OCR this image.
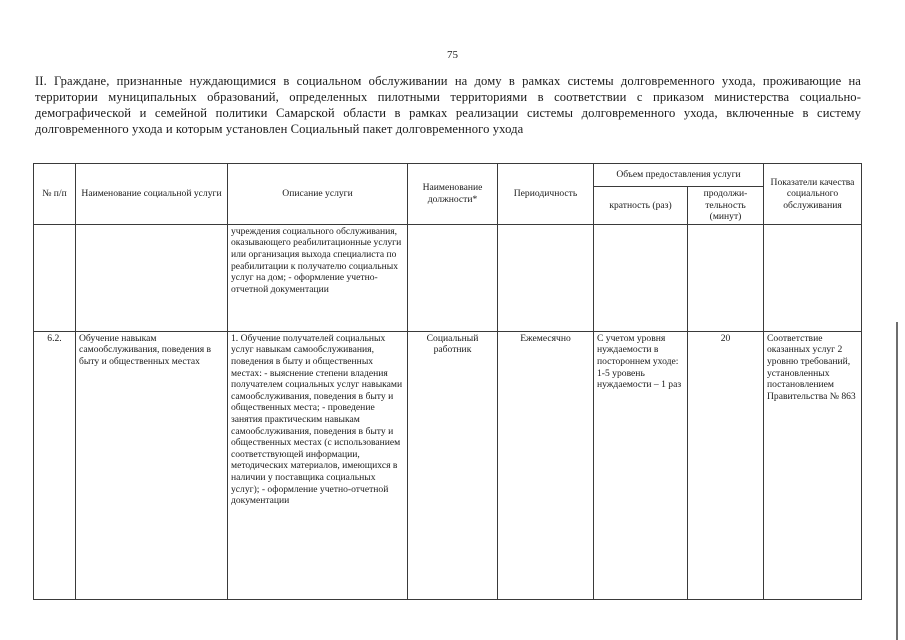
75
II. Граждане, признанные нуждающимися в социальном обслуживании на дому в рамках системы долговременного ухода, проживающие на территории муниципальных образований, определенных пилотными территориями в соответствии с приказом министерства социально-демографической и семейной политики Самарской области в рамках реализации системы долговременного ухода, включенные в систему долговременного ухода и которым установлен Социальный пакет долговременного ухода
№ п/п	Наименование социальной услуги	Описание услуги	Наименование должности*	Периодичность	Объем предоставления услуги		Показатели качества социального обслуживания
					кратность (раз)	продолжи-тельность (минут)	
		учреждения социального обслуживания, оказывающего реабилитационные услуги или организация выхода специалиста по реабилитации к получателю социальных услуг на дом; - оформление учетно-отчетной документации					
6.2.	Обучение навыкам самообслуживания, поведения в быту и общественных местах	1. Обучение получателей социальных услуг навыкам самообслуживания, поведения в быту и общественных местах: - выяснение степени владения получателем социальных услуг навыками самообслуживания, поведения в быту и общественных места; - проведение занятия практическим навыкам самообслуживания, поведения в быту и общественных местах (с использованием соответствующей информации, методических материалов, имеющихся в наличии у поставщика социальных услуг); - оформление учетно-отчетной документации	Социальный работник	Ежемесячно	С учетом уровня нуждаемости в постороннем уходе: 1-5 уровень нуждаемости – 1 раз	20	Соответствие оказанных услуг 2 уровню требований, установленных постановлением Правительства № 863
